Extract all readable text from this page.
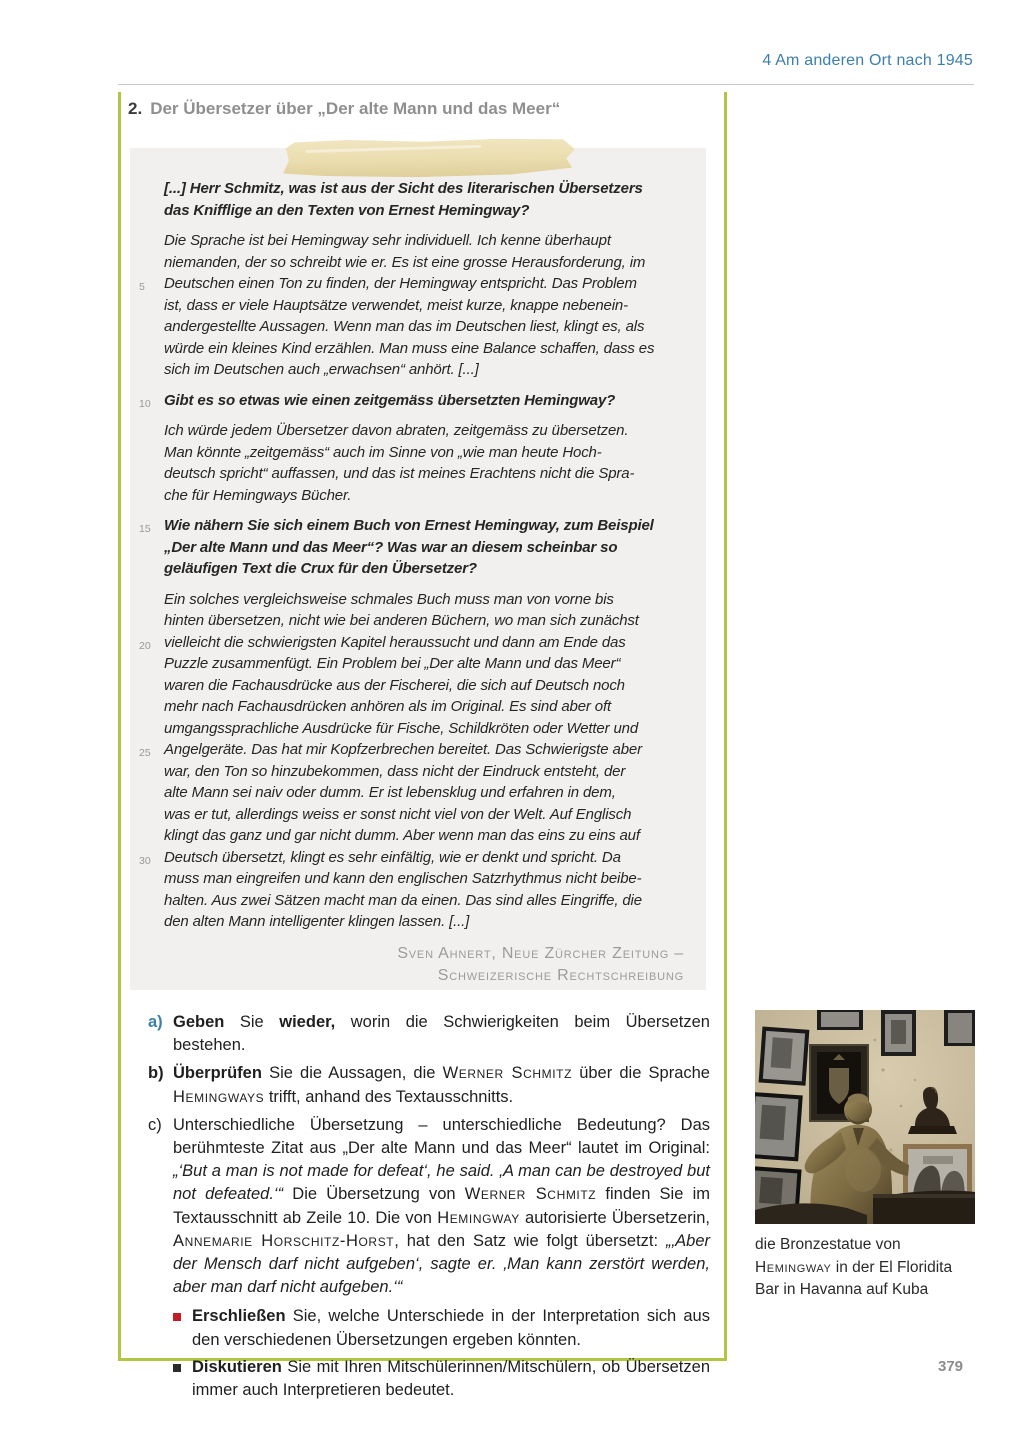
4 Am anderen Ort nach 1945
2. Der Übersetzer über „Der alte Mann und das Meer“
[...] Herr Schmitz, was ist aus der Sicht des literarischen Übersetzers
das Knifflige an den Texten von Ernest Hemingway?
Die Sprache ist bei Hemingway sehr individuell. Ich kenne überhaupt
niemanden, der so schreibt wie er. Es ist eine grosse Herausforderung, im
5 Deutschen einen Ton zu finden, der Hemingway entspricht. Das Problem
ist, dass er viele Hauptsätze verwendet, meist kurze, knappe nebenein-
andergestellte Aussagen. Wenn man das im Deutschen liest, klingt es, als
würde ein kleines Kind erzählen. Man muss eine Balance schaffen, dass es
sich im Deutschen auch „erwachsen“ anhört. [...]
10 Gibt es so etwas wie einen zeitgemäss übersetzten Hemingway?
Ich würde jedem Übersetzer davon abraten, zeitgemäss zu übersetzen.
Man könnte „zeitgemäss“ auch im Sinne von „wie man heute Hoch-
deutsch spricht“ auffassen, und das ist meines Erachtens nicht die Spra-
che für Hemingways Bücher.
15 Wie nähern Sie sich einem Buch von Ernest Hemingway, zum Beispiel
„Der alte Mann und das Meer“? Was war an diesem scheinbar so
geläufigen Text die Crux für den Übersetzer?
Ein solches vergleichsweise schmales Buch muss man von vorne bis
hinten übersetzen, nicht wie bei anderen Büchern, wo man sich zunächst
20 vielleicht die schwierigsten Kapitel heraussucht und dann am Ende das
Puzzle zusammenfügt. Ein Problem bei „Der alte Mann und das Meer“
waren die Fachausdrücke aus der Fischerei, die sich auf Deutsch noch
mehr nach Fachausdrücken anhören als im Original. Es sind aber oft
umgangssprachliche Ausdrücke für Fische, Schildkröten oder Wetter und
25 Angelgeräte. Das hat mir Kopfzerbrechen bereitet. Das Schwierigste aber
war, den Ton so hinzubekommen, dass nicht der Eindruck entsteht, der
alte Mann sei naiv oder dumm. Er ist lebensklug und erfahren in dem,
was er tut, allerdings weiss er sonst nicht viel von der Welt. Auf Englisch
klingt das ganz und gar nicht dumm. Aber wenn man das eins zu eins auf
30 Deutsch übersetzt, klingt es sehr einfältig, wie er denkt und spricht. Da
muss man eingreifen und kann den englischen Satzrhythmus nicht beibe-
halten. Aus zwei Sätzen macht man da einen. Das sind alles Eingriffe, die
den alten Mann intelligenter klingen lassen. [...]
Sven Ahnert, Neue Zürcher Zeitung –
Schweizerische Rechtschreibung
a) Geben Sie wieder, worin die Schwierigkeiten beim Übersetzen bestehen.
b) Überprüfen Sie die Aussagen, die Werner Schmitz über die Sprache Hemingways trifft, anhand des Textausschnitts.
c) Unterschiedliche Übersetzung – unterschiedliche Bedeutung? Das berühmteste Zitat aus „Der alte Mann und das Meer“ lautet im Original: „‘But a man is not made for defeat‘, he said. ‚A man can be destroyed but not defeated.‘“ Die Übersetzung von Werner Schmitz finden Sie im Textausschnitt ab Zeile 10. Die von Hemingway autorisierte Übersetzerin, Annemarie Horschitz-Horst, hat den Satz wie folgt übersetzt: „‚Aber der Mensch darf nicht aufgeben‘, sagte er. ‚Man kann zerstört werden, aber man darf nicht aufgeben.‘“
Erschließen Sie, welche Unterschiede in der Interpretation sich aus den verschiedenen Übersetzungen ergeben könnten.
Diskutieren Sie mit Ihren Mitschülerinnen/Mitschülern, ob Übersetzen immer auch Interpretieren bedeutet.
die Bronzestatue von Hemingway in der El Floridita Bar in Havanna auf Kuba
379
